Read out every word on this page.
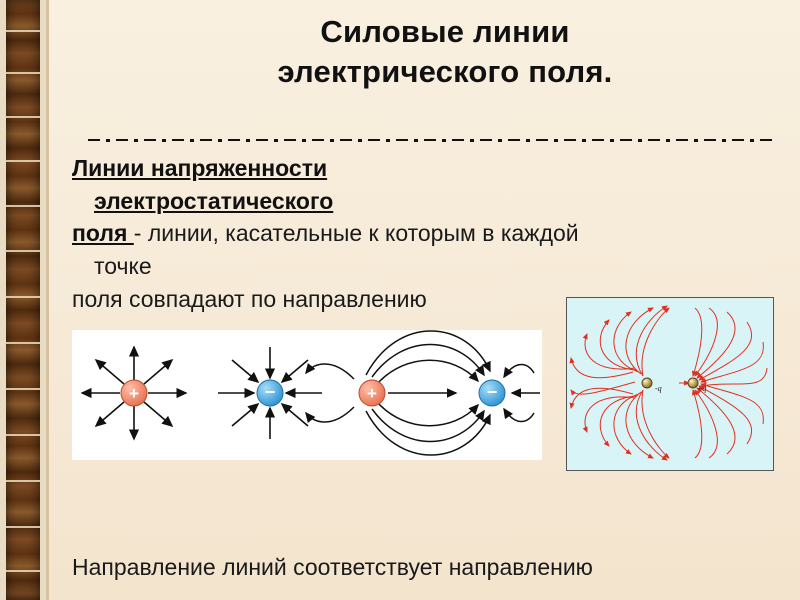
Силовые линии
электрического поля.
Линии напряженности
электростатического
поля - линии, касательные к которым в каждой
точке
поля совпадают по направлению
+	−	+	−	-q	+q
Направление линий соответствует направлению
